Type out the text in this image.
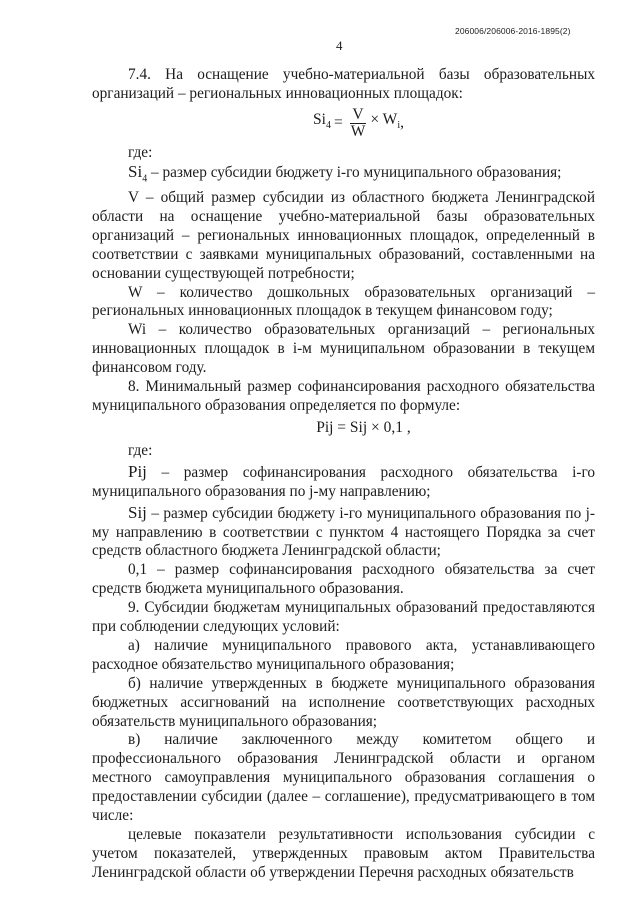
206006/206006-2016-1895(2)
4

7.4. На оснащение учебно-материальной базы образовательных организаций – региональных инновационных площадок:

$Si_4 = \frac{V}{W} \times W_i$ ,

где:

$Si_4$ – размер субсидии бюджету i-го муниципального образования;

V – общий размер субсидии из областного бюджета Ленинградской области на оснащение учебно-материальной базы образовательных организаций – региональных инновационных площадок, определенный в соответствии с заявками муниципальных образований, составленными на основании существующей потребности;

W – количество дошкольных образовательных организаций – региональных инновационных площадок в текущем финансовом году;

Wi – количество образовательных организаций – региональных инновационных площадок в i-м муниципальном образовании в текущем финансовом году.

8. Минимальный размер софинансирования расходного обязательства муниципального образования определяется по формуле:

Pij = Sij × 0,1 ,

где:

Pij – размер софинансирования расходного обязательства i-го муниципального образования по j-му направлению;

Sij – размер субсидии бюджету i-го муниципального образования по j-му направлению в соответствии с пунктом 4 настоящего Порядка за счет средств областного бюджета Ленинградской области;

0,1 – размер софинансирования расходного обязательства за счет средств бюджета муниципального образования.

9. Субсидии бюджетам муниципальных образований предоставляются при соблюдении следующих условий:

а) наличие муниципального правового акта, устанавливающего расходное обязательство муниципального образования;

б) наличие утвержденных в бюджете муниципального образования бюджетных ассигнований на исполнение соответствующих расходных обязательств муниципального образования;

в) наличие заключенного между комитетом общего и профессионального образования Ленинградской области и органом местного самоуправления муниципального образования соглашения о предоставлении субсидии (далее – соглашение), предусматривающего в том числе:

целевые показатели результативности использования субсидии с учетом показателей, утвержденных правовым актом Правительства Ленинградской области об утверждении Перечня расходных обязательств
